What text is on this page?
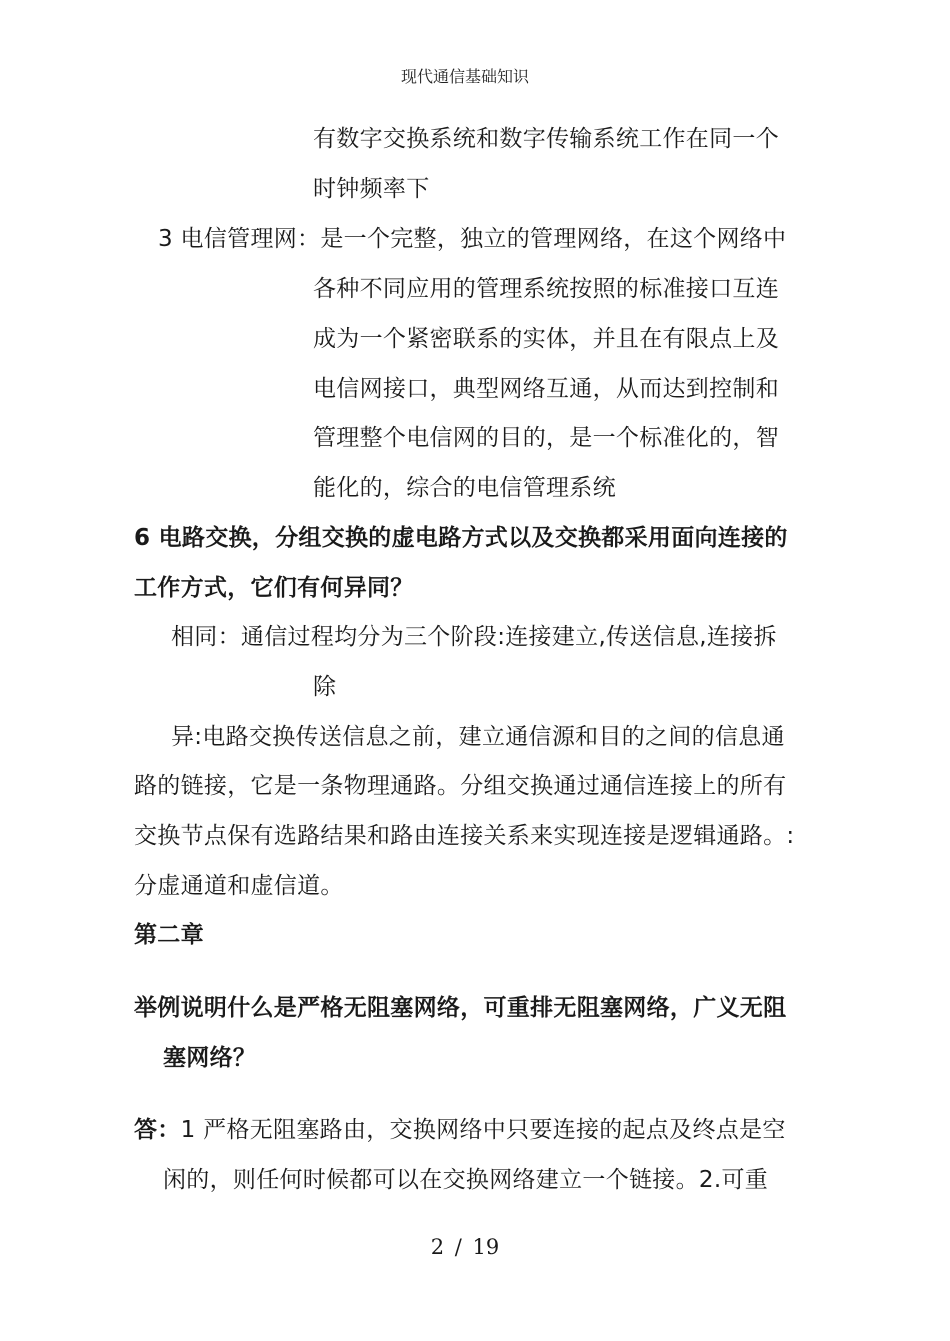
现代通信基础知识
有数字交换系统和数字传输系统工作在同一个
时钟频率下
3 电信管理网：是一个完整，独立的管理网络，在这个网络中
各种不同应用的管理系统按照的标准接口互连
成为一个紧密联系的实体，并且在有限点上及
电信网接口，典型网络互通，从而达到控制和
管理整个电信网的目的，是一个标准化的，智
能化的，综合的电信管理系统
6 电路交换，分组交换的虚电路方式以及交换都采用面向连接的
工作方式，它们有何异同？
相同：通信过程均分为三个阶段:连接建立,传送信息,连接拆
除
异:电路交换传送信息之前，建立通信源和目的之间的信息通
路的链接，它是一条物理通路。分组交换通过通信连接上的所有
交换节点保有选路结果和路由连接关系来实现连接是逻辑通路。:
分虚通道和虚信道。
第二章
举例说明什么是严格无阻塞网络，可重排无阻塞网络，广义无阻
塞网络？
答：1 严格无阻塞路由，交换网络中只要连接的起点及终点是空
闲的，则任何时候都可以在交换网络建立一个链接。2.可重
2 / 19
